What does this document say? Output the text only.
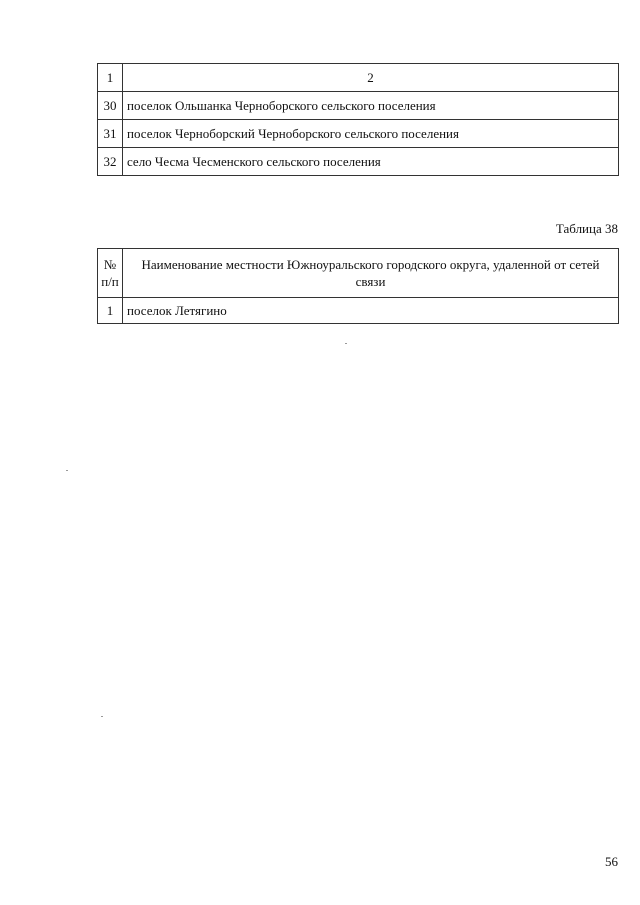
1	2
30	поселок Ольшанка Черноборского сельского поселения
31	поселок Черноборский Черноборского сельского поселения
32	село Чесма Чесменского сельского поселения
Таблица 38
№ п/п	Наименование местности Южноуральского городского округа, удаленной от сетей связи
1	поселок Летягино
56
